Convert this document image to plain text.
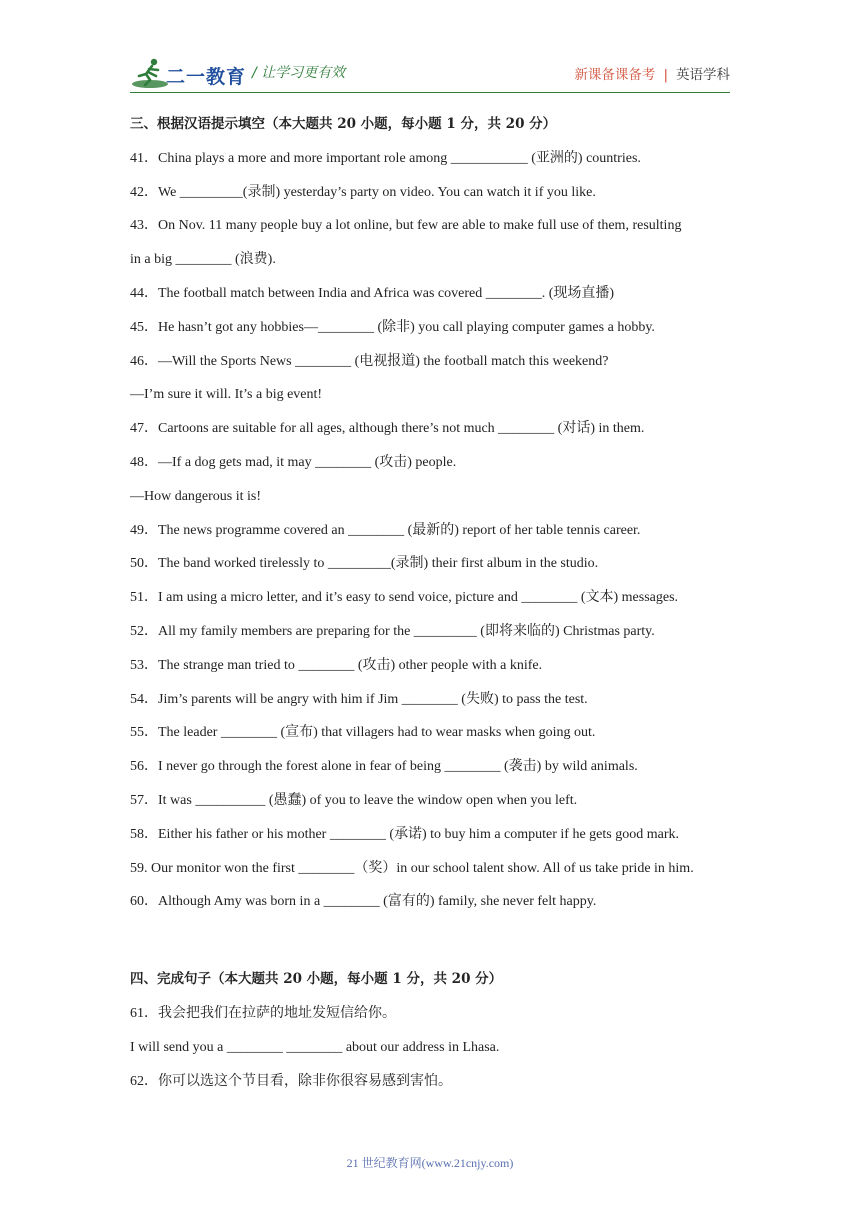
二一教育 / 让学习更有效	新课备课备考 | 英语学科
三、根据汉语提示填空（本大题共 20 小题，每小题 1 分，共 20 分）
41．China plays a more and more important role among ___________ (亚洲的) countries.
42．We _________(录制) yesterday’s party on video. You can watch it if you like.
43．On Nov. 11 many people buy a lot online, but few are able to make full use of them, resulting
in a big ________ (浪费).
44．The football match between India and Africa was covered ________. (现场直播)
45．He hasn’t got any hobbies—________ (除非) you call playing computer games a hobby.
46．—Will the Sports News ________ (电视报道) the football match this weekend?
—I’m sure it will. It’s a big event!
47．Cartoons are suitable for all ages, although there’s not much ________ (对话) in them.
48．—If a dog gets mad, it may ________ (攻击) people.
—How dangerous it is!
49．The news programme covered an ________ (最新的) report of her table tennis career.
50．The band worked tirelessly to _________(录制) their first album in the studio.
51．I am using a micro letter, and it’s easy to send voice, picture and ________ (文本) messages.
52．All my family members are preparing for the _________ (即将来临的) Christmas party.
53．The strange man tried to ________ (攻击) other people with a knife.
54．Jim’s parents will be angry with him if Jim ________ (失败) to pass the test.
55．The leader ________ (宣布) that villagers had to wear masks when going out.
56．I never go through the forest alone in fear of being ________ (袭击) by wild animals.
57．It was __________ (愚蠢) of you to leave the window open when you left.
58．Either his father or his mother ________ (承诺) to buy him a computer if he gets good mark.
59. Our monitor won the first ________（奖）in our school talent show. All of us take pride in him.
60．Although Amy was born in a ________ (富有的) family, she never felt happy.
四、完成句子（本大题共 20 小题，每小题 1 分，共 20 分）
61．我会把我们在拉萨的地址发短信给你。
I will send you a ________ ________ about our address in Lhasa.
62．你可以选这个节目看，除非你很容易感到害怕。
21 世纪教育网(www.21cnjy.com)
